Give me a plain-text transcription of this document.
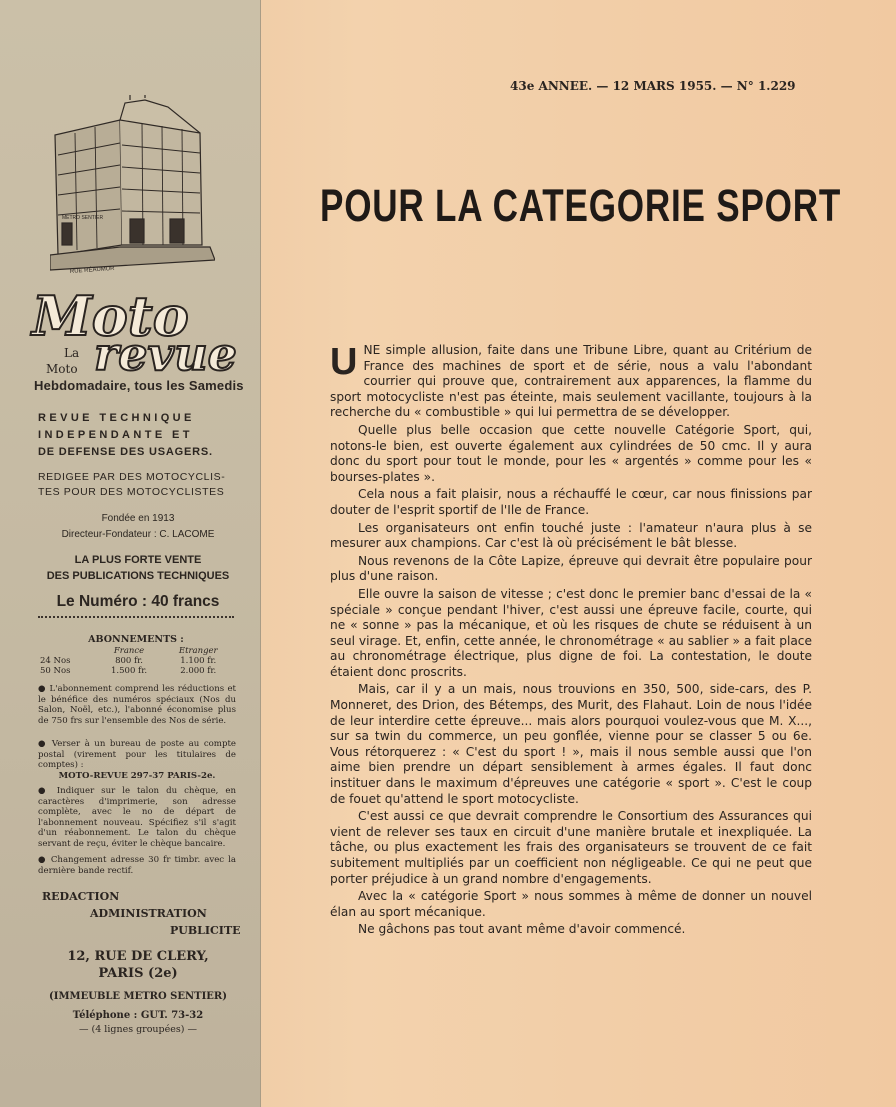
METRO SENTIER
RUE RÉAUMUR
Moto
revue
La
Moto
Hebdomadaire, tous les Samedis
REVUE TECHNIQUE
INDEPENDANTE ET
DE DEFENSE DES USAGERS.
REDIGEE PAR DES MOTOCYCLIS-
TES POUR DES MOTOCYCLISTES
Fondée en 1913
Directeur-Fondateur : C. LACOME
LA PLUS FORTE VENTE
DES PUBLICATIONS TECHNIQUES
Le Numéro : 40 francs
ABONNEMENTS :
	France	Etranger
24 Nos	800 fr.	1.100 fr.
50 Nos	1.500 fr.	2.000 fr.
● L'abonnement comprend les réductions et le bénéfice des numéros spéciaux (Nos du Salon, Noël, etc.), l'abonné économise plus de 750 frs sur l'ensemble des Nos de série.
● Verser à un bureau de poste au compte postal (virement pour les titulaires de comptes) :
MOTO-REVUE 297-37 PARIS-2e.
● Indiquer sur le talon du chèque, en caractères d'imprimerie, son adresse complète, avec le no de départ de l'abonnement nouveau. Spécifiez s'il s'agit d'un réabonnement. Le talon du chèque servant de reçu, éviter le chèque bancaire.
● Changement adresse 30 fr timbr. avec la dernière bande rectif.
REDACTION
ADMINISTRATION
PUBLICITE
12, RUE DE CLERY,
PARIS (2e)
(IMMEUBLE METRO SENTIER)
Téléphone : GUT. 73-32
— (4 lignes groupées) —
43e ANNEE. — 12 MARS 1955. — N° 1.229
POUR LA CATEGORIE SPORT

UNE simple allusion, faite dans une Tribune Libre, quant au Critérium de France des machines de sport et de série, nous a valu l'abondant courrier qui prouve que, contrairement aux apparences, la flamme du sport motocycliste n'est pas éteinte, mais seulement vacillante, toujours à la recherche du « combustible » qui lui permettra de se développer.

Quelle plus belle occasion que cette nouvelle Catégorie Sport, qui, notons-le bien, est ouverte également aux cylindrées de 50 cmc. Il y aura donc du sport pour tout le monde, pour les « argentés » comme pour les « bourses-plates ».

Cela nous a fait plaisir, nous a réchauffé le cœur, car nous finissions par douter de l'esprit sportif de l'Ile de France.

Les organisateurs ont enfin touché juste : l'amateur n'aura plus à se mesurer aux champions. Car c'est là où précisément le bât blesse.

Nous revenons de la Côte Lapize, épreuve qui devrait être populaire pour plus d'une raison.

Elle ouvre la saison de vitesse ; c'est donc le premier banc d'essai de la « spéciale » conçue pendant l'hiver, c'est aussi une épreuve facile, courte, qui ne « sonne » pas la mécanique, et où les risques de chute se réduisent à un seul virage. Et, enfin, cette année, le chronométrage « au sablier » a fait place au chronométrage électrique, plus digne de foi. La contestation, le doute étaient donc proscrits.

Mais, car il y a un mais, nous trouvions en 350, 500, side-cars, des P. Monneret, des Drion, des Bétemps, des Murit, des Flahaut. Loin de nous l'idée de leur interdire cette épreuve... mais alors pourquoi voulez-vous que M. X..., sur sa twin du commerce, un peu gonflée, vienne pour se classer 5 ou 6e. Vous rétorquerez : « C'est du sport ! », mais il nous semble aussi que l'on aime bien prendre un départ sensiblement à armes égales. Il faut donc instituer dans le maximum d'épreuves une catégorie « sport ». C'est le coup de fouet qu'attend le sport motocycliste.

C'est aussi ce que devrait comprendre le Consortium des Assurances qui vient de relever ses taux en circuit d'une manière brutale et inexpliquée. La tâche, ou plus exactement les frais des organisateurs se trouvent de ce fait subitement multipliés par un coefficient non négligeable. Ce qui ne peut que porter préjudice à un grand nombre d'engagements.

Avec la « catégorie Sport » nous sommes à même de donner un nouvel élan au sport mécanique.

Ne gâchons pas tout avant même d'avoir commencé.
